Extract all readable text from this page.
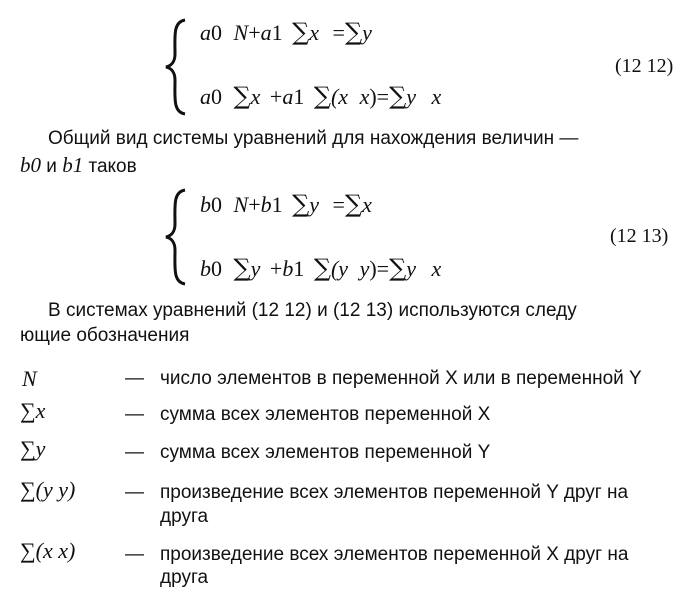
a0 N+a1 ∑x =∑y
a0 ∑x +a1 ∑(x x)=∑y x
(12 12)
Общий вид системы уравнений для нахождения величин —
b0 и b1 таков
b0 N+b1 ∑y =∑x
b0 ∑y +b1 ∑(y y)=∑y x
(12 13)
В системах уравнений (12 12) и (12 13) используются следу
ющие обозначения
N	— число элементов в переменной X или в переменной Y
∑x	— сумма всех элементов переменной X
∑y	— сумма всех элементов переменной Y
∑(y y)	— произведение всех элементов переменной Y друг на
друга
∑(x x)	— произведение всех элементов переменной X друг на
друга
